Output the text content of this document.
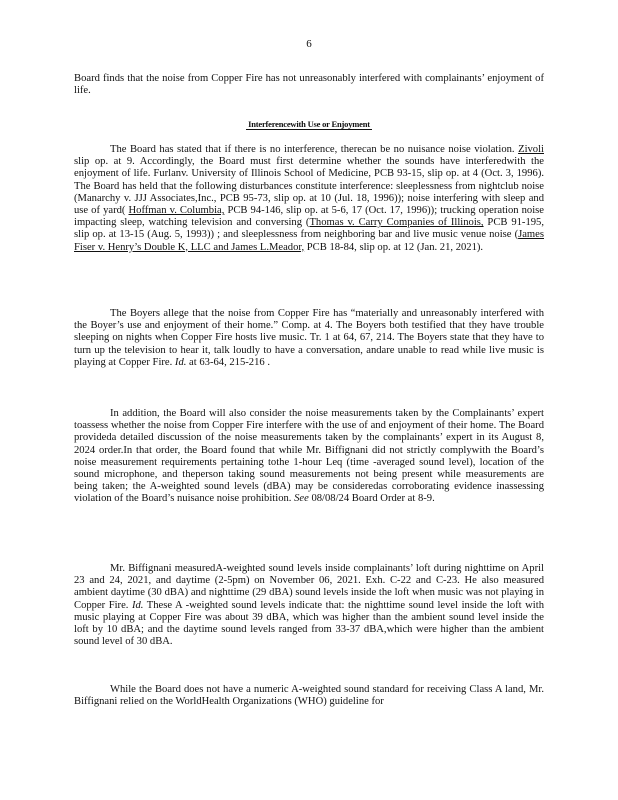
6

Board finds that the noise from Copper Fire has not unreasonably interfered with complainants’ enjoyment of life.

Interferencewith Use or Enjoyment

The Board has stated that if there is no interference, therecan be no nuisance noise violation. Zivoli slip op. at 9. Accordingly, the Board must first determine whether the sounds have interferedwith the enjoyment of life. Furlanv. University of Illinois School of Medicine, PCB 93-15, slip op. at 4 (Oct. 3, 1996). The Board has held that the following disturbances constitute interference: sleeplessness from nightclub noise (Manarchy v. JJJ Associates,Inc., PCB 95-73, slip op. at 10 (Jul. 18, 1996)); noise interfering with sleep and use of yard( Hoffman v. Columbia, PCB 94-146, slip op. at 5-6, 17 (Oct. 17, 1996)); trucking operation noise impacting sleep, watching television and conversing (Thomas v. Carry Companies of Illinois, PCB 91-195, slip op. at 13-15 (Aug. 5, 1993)) ; and sleeplessness from neighboring bar and live music venue noise (James Fiser v. Henry’s Double K, LLC and James L.Meador, PCB 18-84, slip op. at 12 (Jan. 21, 2021).

The Boyers allege that the noise from Copper Fire has “materially and unreasonably interfered with the Boyer’s use and enjoyment of their home.” Comp. at 4. The Boyers both testified that they have trouble sleeping on nights when Copper Fire hosts live music. Tr. 1 at 64, 67, 214. The Boyers state that they have to turn up the television to hear it, talk loudly to have a conversation, andare unable to read while live music is playing at Copper Fire. Id. at 63-64, 215-216 .

In addition, the Board will also consider the noise measurements taken by the Complainants’ expert toassess whether the noise from Copper Fire interfere with the use of and enjoyment of their home. The Board provideda detailed discussion of the noise measurements taken by the complainants’ expert in its August 8, 2024 order.In that order, the Board found that while Mr. Biffignani did not strictly complywith the Board’s noise measurement requirements pertaining tothe 1-hour Leq (time -averaged sound level), location of the sound microphone, and theperson taking sound measurements not being present while measurements are being taken; the A-weighted sound levels (dBA) may be consideredas corroborating evidence inassessing violation of the Board’s nuisance noise prohibition. See 08/08/24 Board Order at 8-9.

Mr. Biffignani measuredA-weighted sound levels inside complainants’ loft during nighttime on April 23 and 24, 2021, and daytime (2-5pm) on November 06, 2021. Exh. C-22 and C-23. He also measured ambient daytime (30 dBA) and nighttime (29 dBA) sound levels inside the loft when music was not playing in Copper Fire. Id. These A -weighted sound levels indicate that: the nighttime sound level inside the loft with music playing at Copper Fire was about 39 dBA, which was higher than the ambient sound level inside the loft by 10 dBA; and the daytime sound levels ranged from 33-37 dBA,which were higher than the ambient sound level of 30 dBA.

While the Board does not have a numeric A-weighted sound standard for receiving Class A land, Mr. Biffignani relied on the WorldHealth Organizations (WHO) guideline for
